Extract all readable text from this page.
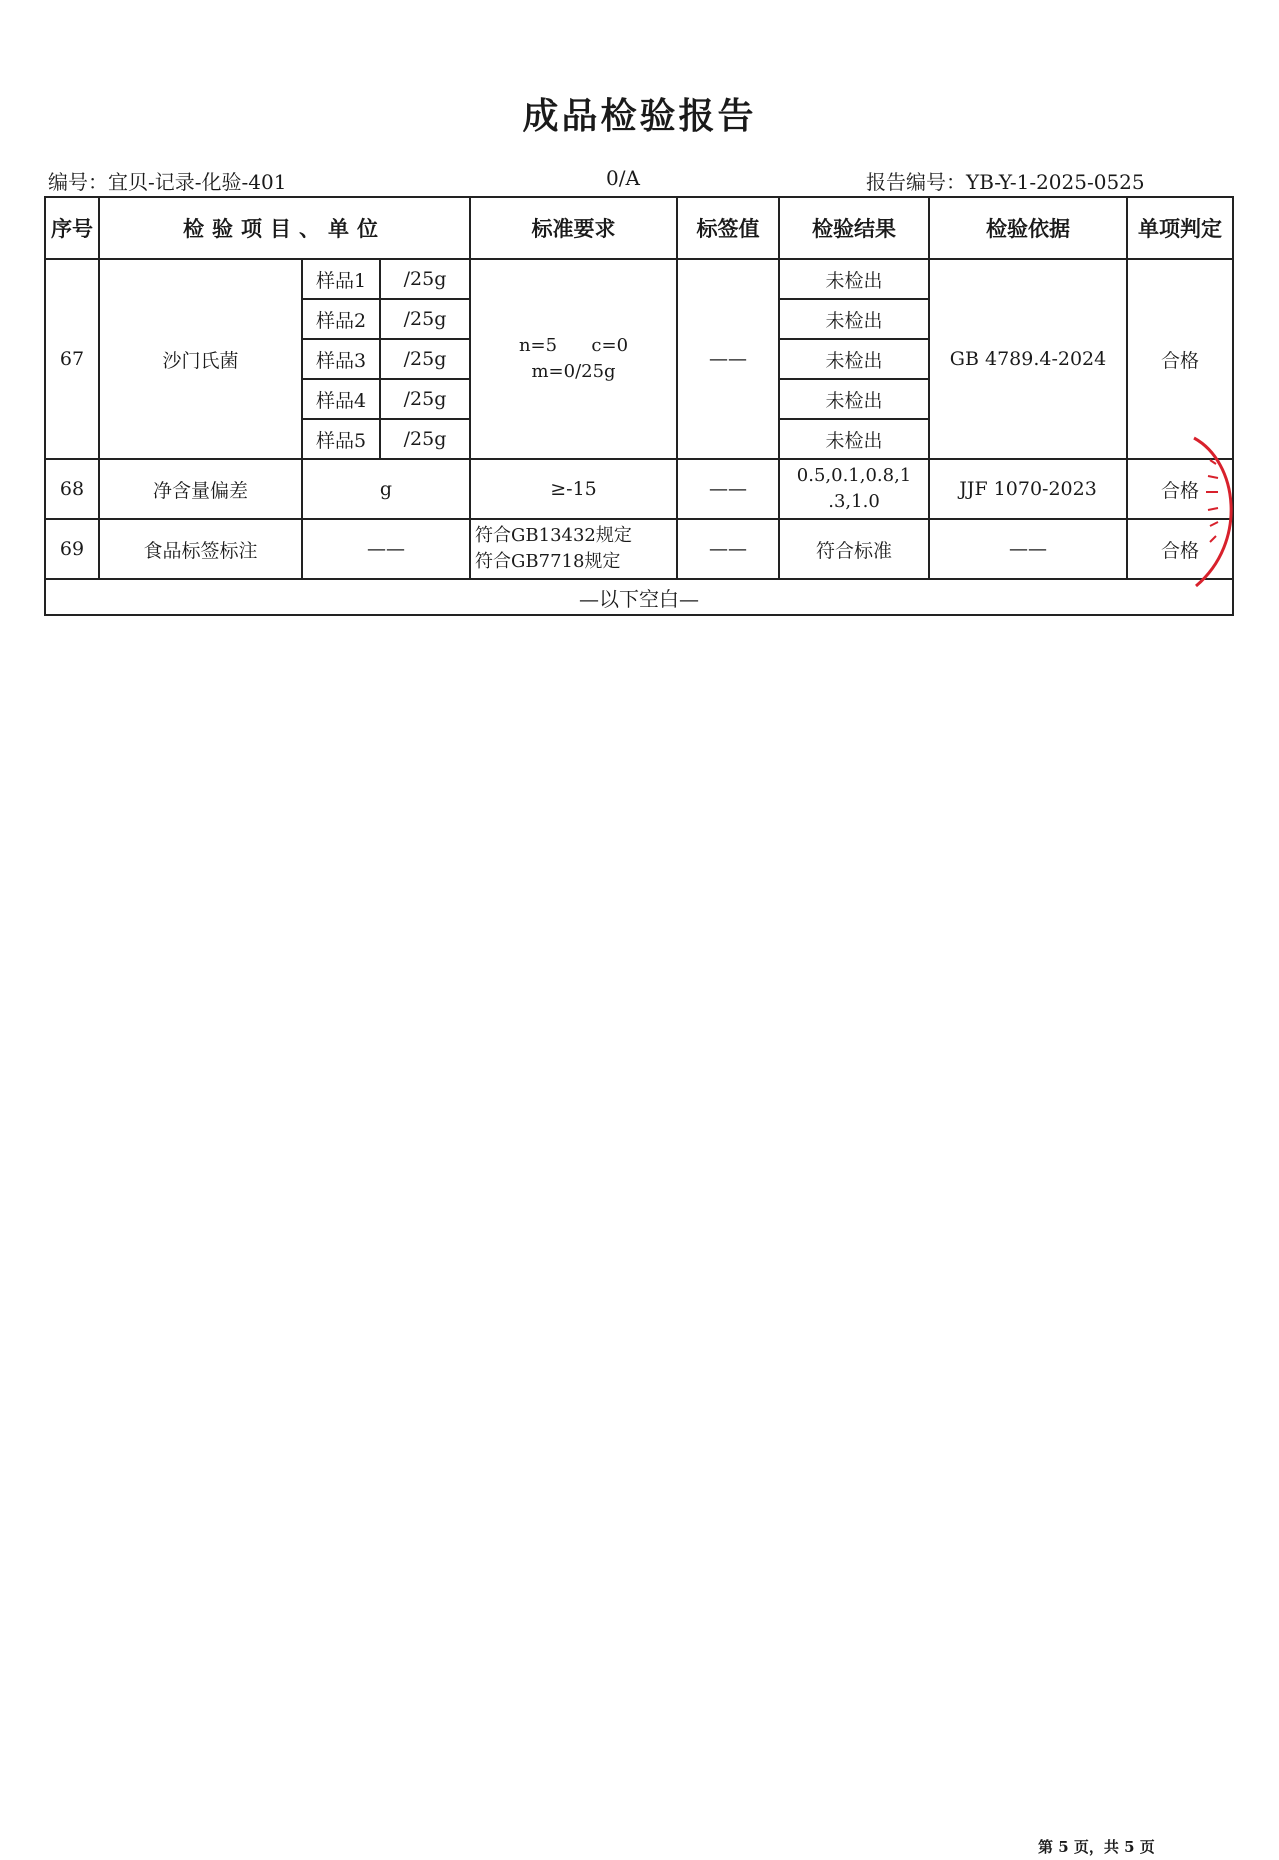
成品检验报告
编号：宜贝-记录-化验-401	0/A	报告编号：YB-Y-1-2025-0525
序号	检验项目、单位			标准要求	标签值	检验结果	检验依据	单项判定
67	沙门氏菌	样品1	/25g	n=5      c=0
m=0/25g	——	未检出	GB 4789.4-2024	合格
		样品2	/25g			未检出		
		样品3	/25g			未检出		
		样品4	/25g			未检出		
		样品5	/25g			未检出		
68	净含量偏差	g		≥-15	——	0.5,0.1,0.8,1
.3,1.0	JJF 1070-2023	合格
69	食品标签标注	——		符合GB13432规定
符合GB7718规定	——	符合标准	——	合格
—以下空白—								
第 5 页，共 5 页
